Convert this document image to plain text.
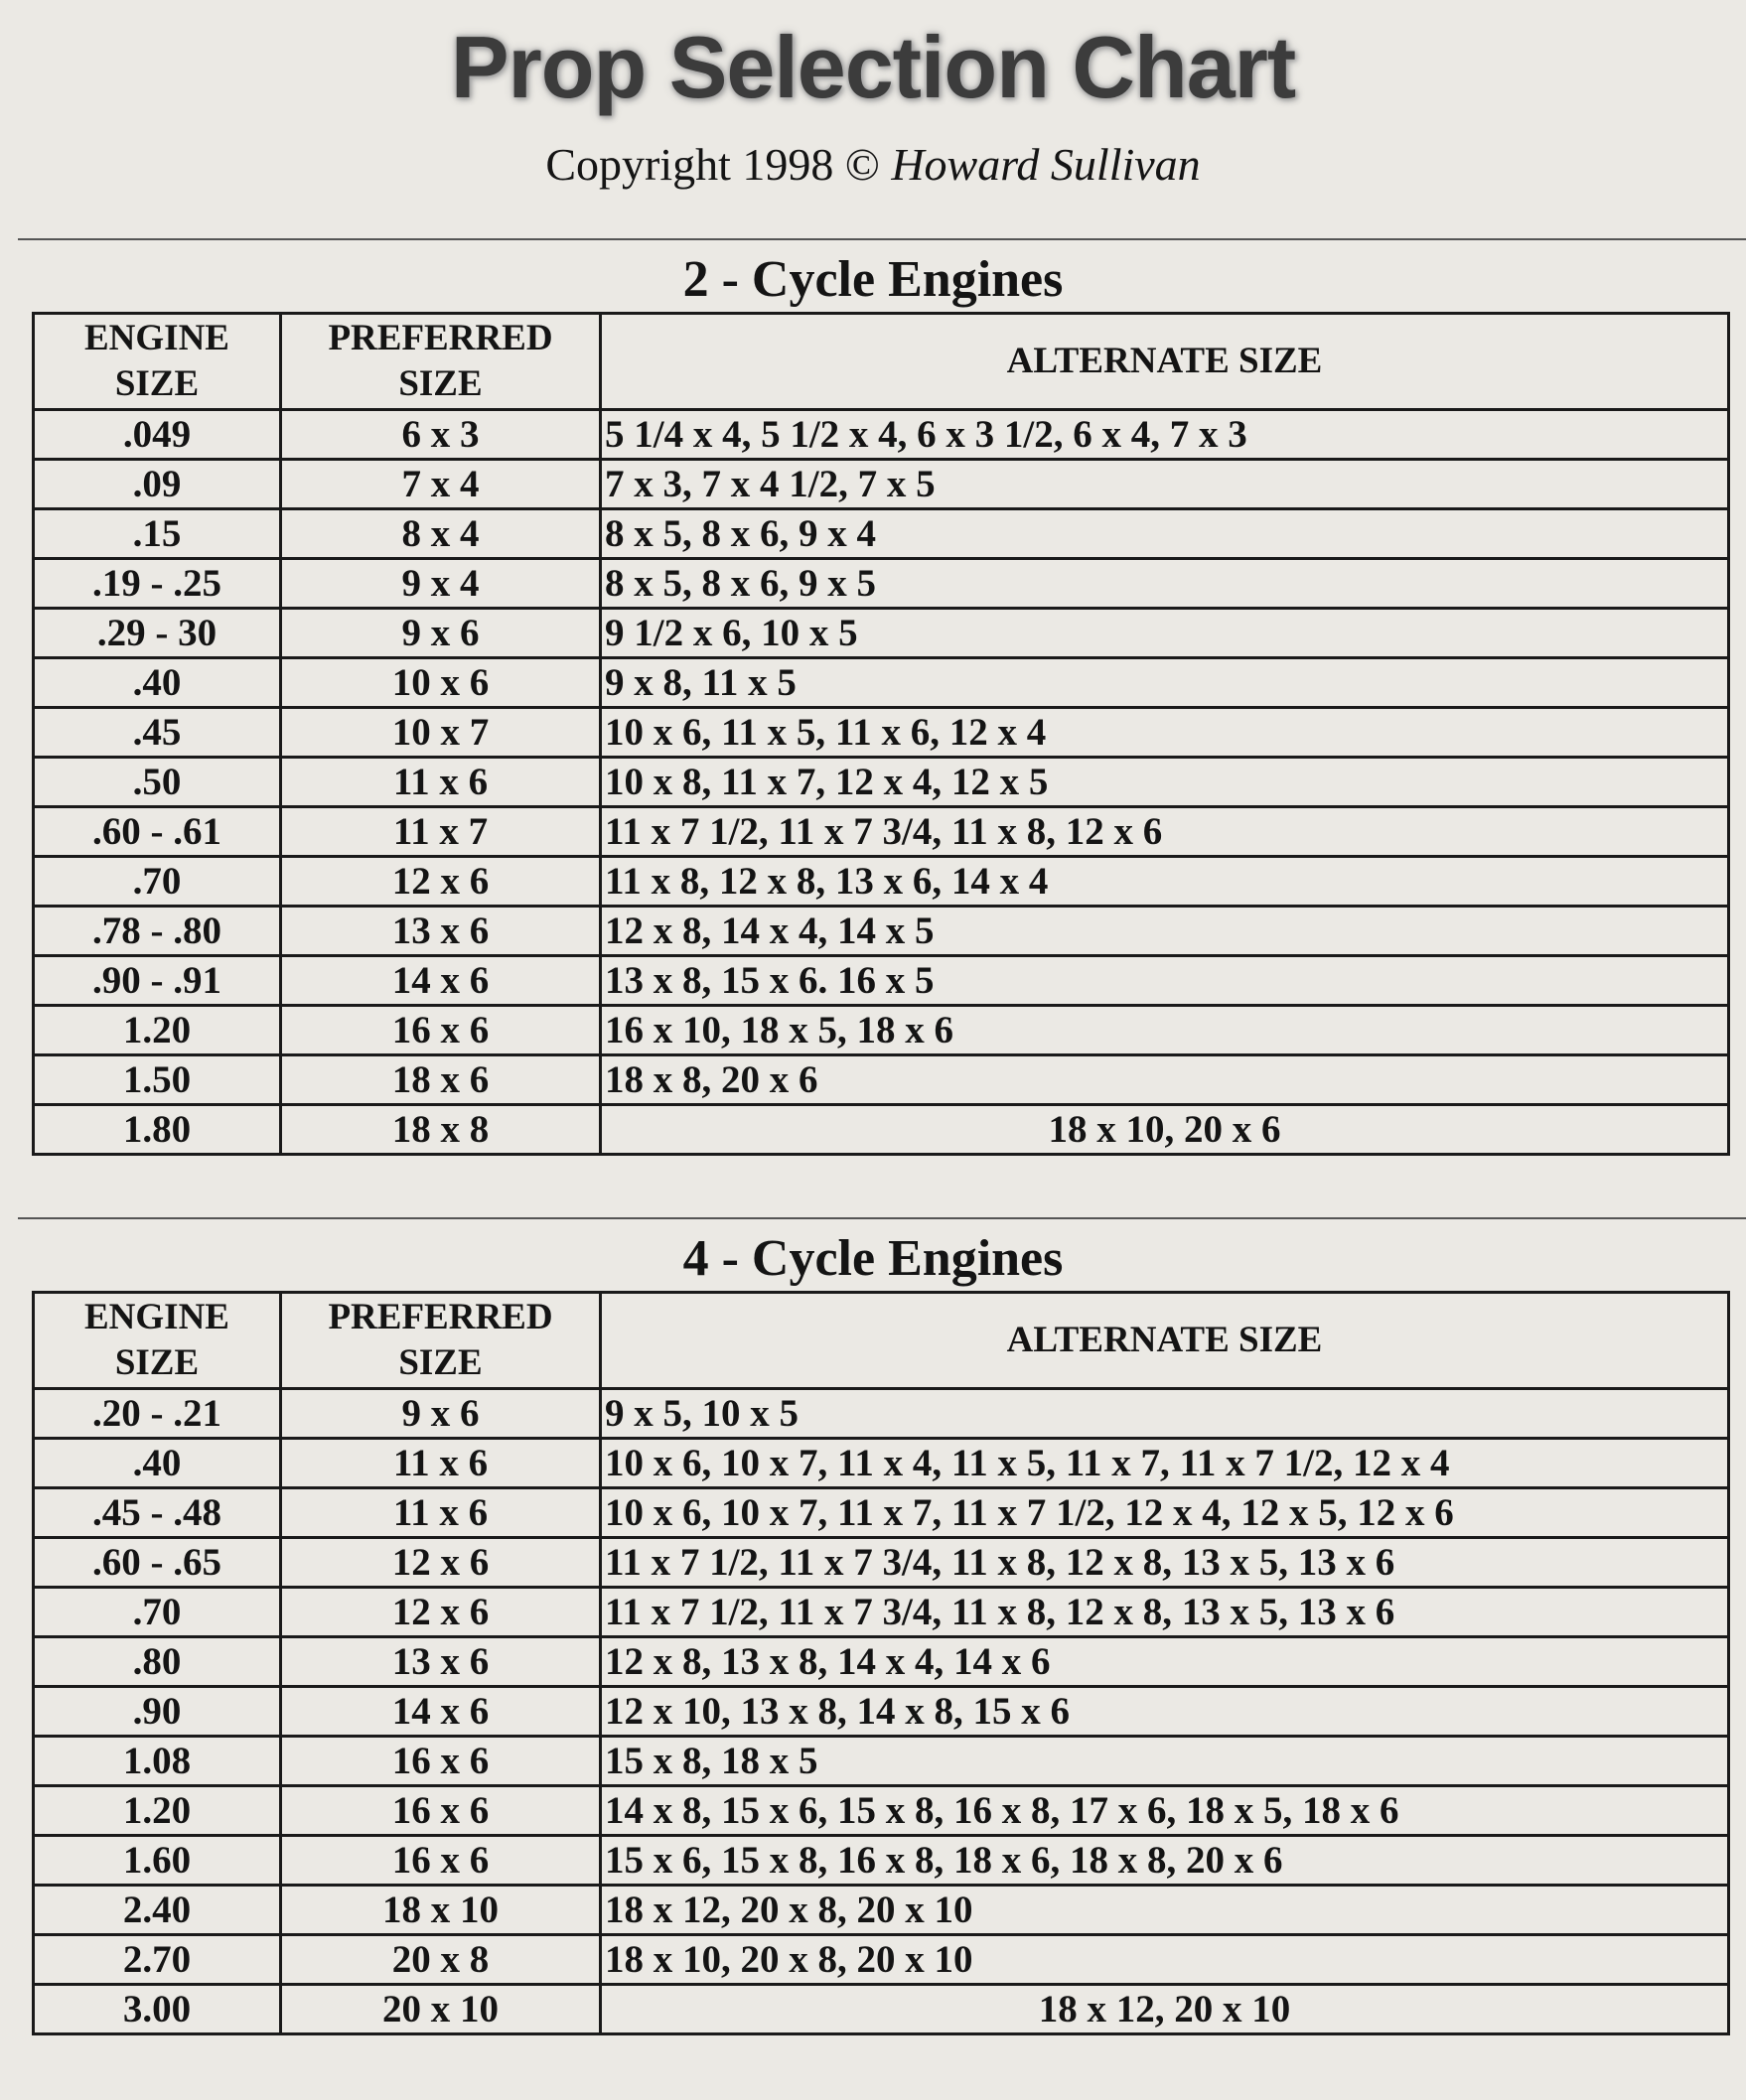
Prop Selection Chart
Copyright 1998 © Howard Sullivan
2 - Cycle Engines
ENGINE SIZE	PREFERRED SIZE	ALTERNATE SIZE
.049	6 x 3	5 1/4 x 4, 5 1/2 x 4, 6 x 3 1/2, 6 x 4, 7 x 3
.09	7 x 4	7 x 3, 7 x 4 1/2, 7 x 5
.15	8 x 4	8 x 5, 8 x 6, 9 x 4
.19 - .25	9 x 4	8 x 5, 8 x 6, 9 x 5
.29 - 30	9 x 6	9 1/2 x 6, 10 x 5
.40	10 x 6	9 x 8, 11 x 5
.45	10 x 7	10 x 6, 11 x 5, 11 x 6, 12 x 4
.50	11 x 6	10 x 8, 11 x 7, 12 x 4, 12 x 5
.60 - .61	11 x 7	11 x 7 1/2, 11 x 7 3/4, 11 x 8, 12 x 6
.70	12 x 6	11 x 8, 12 x 8, 13 x 6, 14 x 4
.78 - .80	13 x 6	12 x 8, 14 x 4, 14 x 5
.90 - .91	14 x 6	13 x 8, 15 x 6. 16 x 5
1.20	16 x 6	16 x 10, 18 x 5, 18 x 6
1.50	18 x 6	18 x 8, 20 x 6
1.80	18 x 8	18 x 10, 20 x 6
4 - Cycle Engines
ENGINE SIZE	PREFERRED SIZE	ALTERNATE SIZE
.20 - .21	9 x 6	9 x 5, 10 x 5
.40	11 x 6	10 x 6, 10 x 7, 11 x 4, 11 x 5, 11 x 7, 11 x 7 1/2, 12 x 4
.45 - .48	11 x 6	10 x 6, 10 x 7, 11 x 7, 11 x 7 1/2, 12 x 4, 12 x 5, 12 x 6
.60 - .65	12 x 6	11 x 7 1/2, 11 x 7 3/4, 11 x 8, 12 x 8, 13 x 5, 13 x 6
.70	12 x 6	11 x 7 1/2, 11 x 7 3/4, 11 x 8, 12 x 8, 13 x 5, 13 x 6
.80	13 x 6	12 x 8, 13 x 8, 14 x 4, 14 x 6
.90	14 x 6	12 x 10, 13 x 8, 14 x 8, 15 x 6
1.08	16 x 6	15 x 8, 18 x 5
1.20	16 x 6	14 x 8, 15 x 6, 15 x 8, 16 x 8, 17 x 6, 18 x 5, 18 x 6
1.60	16 x 6	15 x 6, 15 x 8, 16 x 8, 18 x 6, 18 x 8, 20 x 6
2.40	18 x 10	18 x 12, 20 x 8, 20 x 10
2.70	20 x 8	18 x 10, 20 x 8, 20 x 10
3.00	20 x 10	18 x 12, 20 x 10
